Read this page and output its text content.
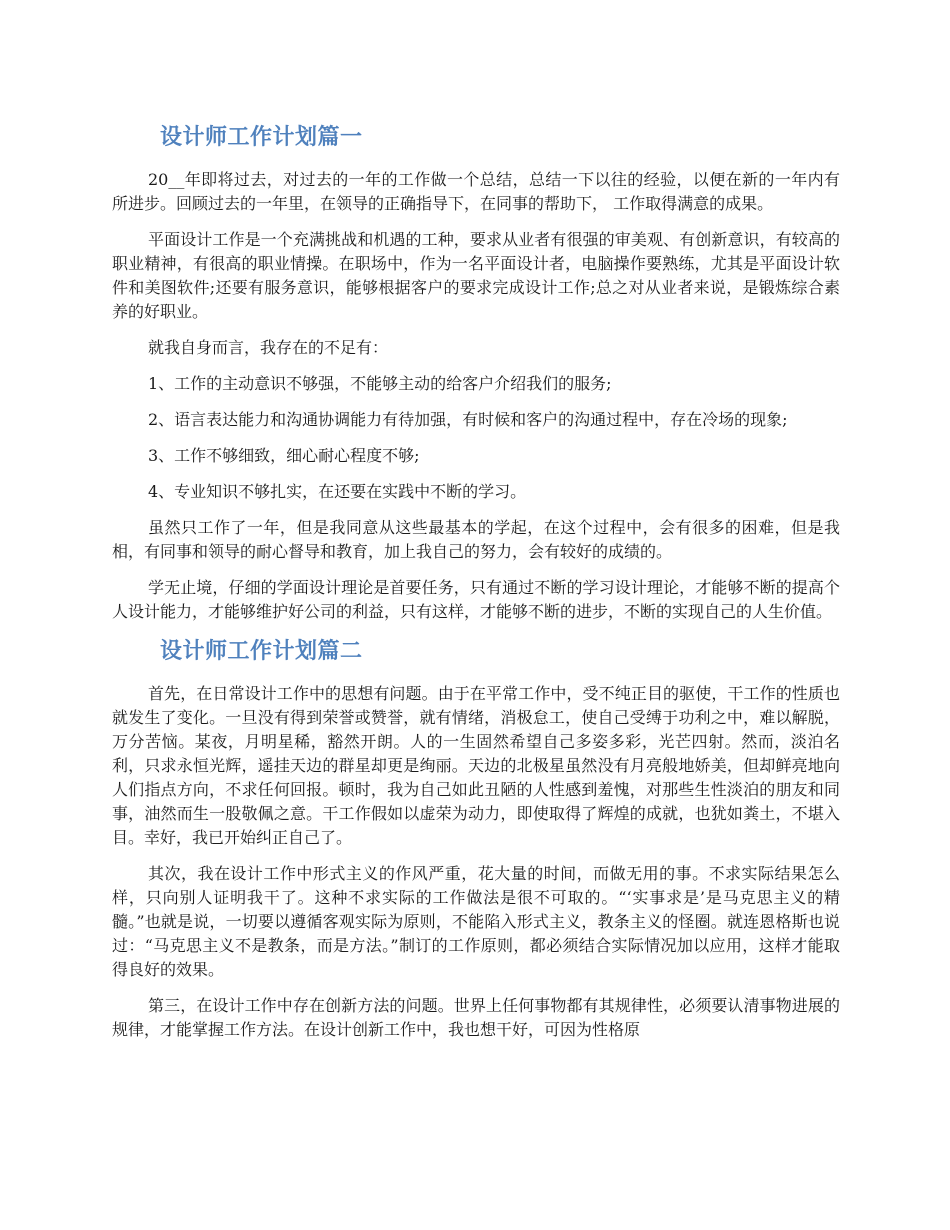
设计师工作计划篇一

20__年即将过去，对过去的一年的工作做一个总结，总结一下以往的经验，以便在新的一年内有所进步。回顾过去的一年里，在领导的正确指导下，在同事的帮助下， 工作取得满意的成果。

平面设计工作是一个充满挑战和机遇的工种，要求从业者有很强的审美观、有创新意识，有较高的职业精神，有很高的职业情操。在职场中，作为一名平面设计者，电脑操作要熟练，尤其是平面设计软件和美图软件;还要有服务意识，能够根据客户的要求完成设计工作;总之对从业者来说，是锻炼综合素养的好职业。

就我自身而言，我存在的不足有：

1、工作的主动意识不够强，不能够主动的给客户介绍我们的服务;

2、语言表达能力和沟通协调能力有待加强，有时候和客户的沟通过程中，存在冷场的现象;

3、工作不够细致，细心耐心程度不够;

4、专业知识不够扎实，在还要在实践中不断的学习。

虽然只工作了一年，但是我同意从这些最基本的学起，在这个过程中，会有很多的困难，但是我相，有同事和领导的耐心督导和教育，加上我自己的努力，会有较好的成绩的。

学无止境，仔细的学面设计理论是首要任务，只有通过不断的学习设计理论，才能够不断的提高个人设计能力，才能够维护好公司的利益，只有这样，才能够不断的进步，不断的实现自己的人生价值。

设计师工作计划篇二

首先，在日常设计工作中的思想有问题。由于在平常工作中，受不纯正目的驱使，干工作的性质也就发生了变化。一旦没有得到荣誉或赞誉，就有情绪，消极怠工，使自己受缚于功利之中，难以解脱，万分苦恼。某夜，月明星稀，豁然开朗。人的一生固然希望自己多姿多彩，光芒四射。然而，淡泊名利，只求永恒光辉，遥挂天边的群星却更是绚丽。天边的北极星虽然没有月亮般地娇美，但却鲜亮地向人们指点方向，不求任何回报。顿时，我为自己如此丑陋的人性感到羞愧，对那些生性淡泊的朋友和同事，油然而生一股敬佩之意。干工作假如以虚荣为动力，即使取得了辉煌的成就，也犹如粪土，不堪入目。幸好，我已开始纠正自己了。

其次，我在设计工作中形式主义的作风严重，花大量的时间，而做无用的事。不求实际结果怎么样，只向别人证明我干了。这种不求实际的工作做法是很不可取的。“‘实事求是’是马克思主义的精髓。”也就是说，一切要以遵循客观实际为原则，不能陷入形式主义，教条主义的怪圈。就连恩格斯也说过：“马克思主义不是教条，而是方法。”制订的工作原则，都必须结合实际情况加以应用，这样才能取得良好的效果。

第三，在设计工作中存在创新方法的问题。世界上任何事物都有其规律性，必须要认清事物进展的规律，才能掌握工作方法。在设计创新工作中，我也想干好，可因为性格原
